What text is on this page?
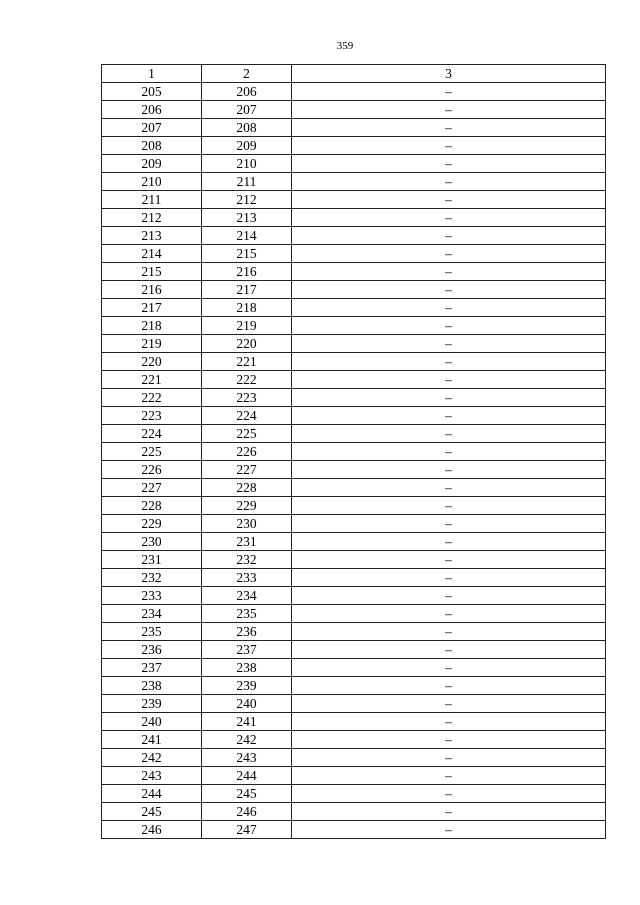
359
1	2	3
205	206	–
206	207	–
207	208	–
208	209	–
209	210	–
210	211	–
211	212	–
212	213	–
213	214	–
214	215	–
215	216	–
216	217	–
217	218	–
218	219	–
219	220	–
220	221	–
221	222	–
222	223	–
223	224	–
224	225	–
225	226	–
226	227	–
227	228	–
228	229	–
229	230	–
230	231	–
231	232	–
232	233	–
233	234	–
234	235	–
235	236	–
236	237	–
237	238	–
238	239	–
239	240	–
240	241	–
241	242	–
242	243	–
243	244	–
244	245	–
245	246	–
246	247	–
